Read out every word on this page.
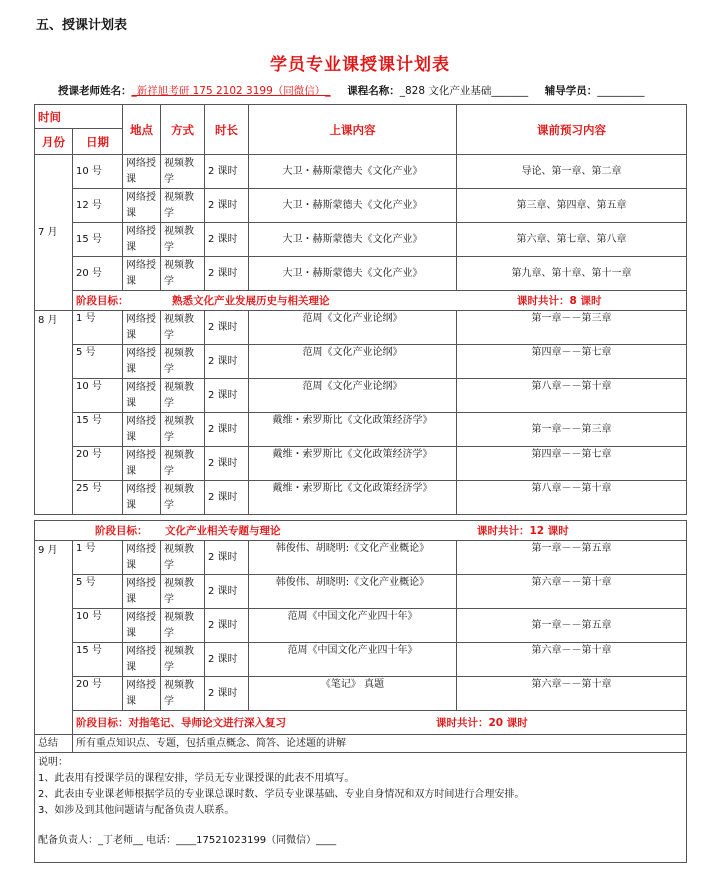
五、授课计划表
学员专业课授课计划表
授课老师姓名：_新祥旭考研 175 2102 3199（同微信）_ 课程名称：_828 文化产业基础_______ 辅导学员：_________
时间		地点	方式	时长	上课内容	课前预习内容
月份	日期					
7 月	10 号	网络授课	视频教学	2 课时	大卫・赫斯蒙德夫《文化产业》	导论、第一章、第二章
	12 号	网络授课	视频教学	2 课时	大卫・赫斯蒙德夫《文化产业》	第三章、第四章、第五章
	15 号	网络授课	视频教学	2 课时	大卫・赫斯蒙德夫《文化产业》	第六章、第七章、第八章
	20 号	网络授课	视频教学	2 课时	大卫・赫斯蒙德夫《文化产业》	第九章、第十章、第十一章
	阶段目标： 熟悉文化产业发展历史与相关理论 课时共计：8 课时					
8 月	1 号	网络授课	视频教学	2 课时	范周《文化产业论纲》	第一章－－第三章
	5 号	网络授课	视频教学	2 课时	范周《文化产业论纲》	第四章－－第七章
	10 号	网络授课	视频教学	2 课时	范周《文化产业论纲》	第八章－－第十章
	15 号	网络授课	视频教学	2 课时	戴维・索罗斯比《文化政策经济学》	第一章－－第三章
	20 号	网络授课	视频教学	2 课时	戴维・索罗斯比《文化政策经济学》	第四章－－第七章
	25 号	网络授课	视频教学	2 课时	戴维・索罗斯比《文化政策经济学》	第八章－－第十章

阶段目标： 文化产业相关专题与理论 课时共计：12 课时						
9 月	1 号	网络授课	视频教学	2 课时	韩俊伟、胡晓明:《文化产业概论》	第一章－－第五章
	5 号	网络授课	视频教学	2 课时	韩俊伟、胡晓明:《文化产业概论》	第六章－－第十章
	10 号	网络授课	视频教学	2 课时	范周《中国文化产业四十年》	第一章－－第五章
	15 号	网络授课	视频教学	2 课时	范周《中国文化产业四十年》	第六章－－第十章
	20 号	网络授课	视频教学	2 课时	《笔记》 真题	第六章－－第十章
	阶段目标：对指笔记、导师论文进行深入复习 课时共计：20 课时					
总结	所有重点知识点、专题，包括重点概念、简答、论述题的讲解					

说明：
1、此表用有授课学员的课程安排，学员无专业课授课的此表不用填写。
2、此表由专业课老师根据学员的专业课总课时数、学员专业课基础、专业自身情况和双方时间进行合理安排。
3、如涉及到其他问题请与配备负责人联系。
配备负责人：_丁老师__ 电话：____17521023199（同微信）____						
